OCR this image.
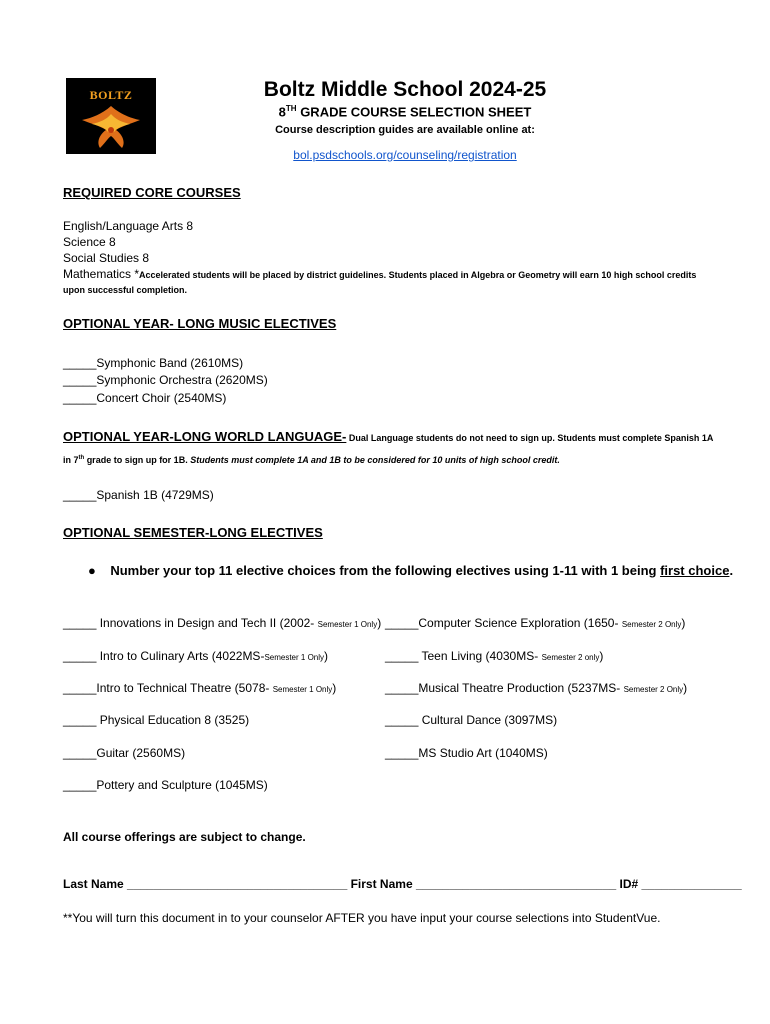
BOLTZ	Boltz Middle School 2024-25
8TH GRADE COURSE SELECTION SHEET
Course description guides are available online at:
bol.psdschools.org/counseling/registration
REQUIRED CORE COURSES
English/Language Arts 8
Science 8
Social Studies 8
Mathematics *Accelerated students will be placed by district guidelines. Students placed in Algebra or Geometry will earn 10 high school credits
upon successful completion.
OPTIONAL YEAR- LONG MUSIC ELECTIVES
_____Symphonic Band (2610MS)
_____Symphonic Orchestra (2620MS)
_____Concert Choir (2540MS)
OPTIONAL YEAR-LONG WORLD LANGUAGE- Dual Language students do not need to sign up. Students must complete Spanish 1A
in 7th grade to sign up for 1B. Students must complete 1A and 1B to be considered for 10 units of high school credit.
_____Spanish 1B (4729MS)
OPTIONAL SEMESTER-LONG ELECTIVES
● Number your top 11 elective choices from the following electives using 1-11 with 1 being first choice.
_____ Innovations in Design and Tech II (2002- Semester 1 Only)
_____ Intro to Culinary Arts (4022MS-Semester 1 Only)
_____Intro to Technical Theatre (5078- Semester 1 Only)
_____ Physical Education 8 (3525)
_____Guitar (2560MS)
_____Pottery and Sculpture (1045MS)
_____Computer Science Exploration (1650- Semester 2 Only)
_____ Teen Living (4030MS- Semester 2 only)
_____Musical Theatre Production (5237MS- Semester 2 Only)
_____ Cultural Dance (3097MS)
_____MS Studio Art (1040MS)
All course offerings are subject to change.
Last Name _________________________________ First Name ______________________________ ID# _______________
**You will turn this document in to your counselor AFTER you have input your course selections into StudentVue.
